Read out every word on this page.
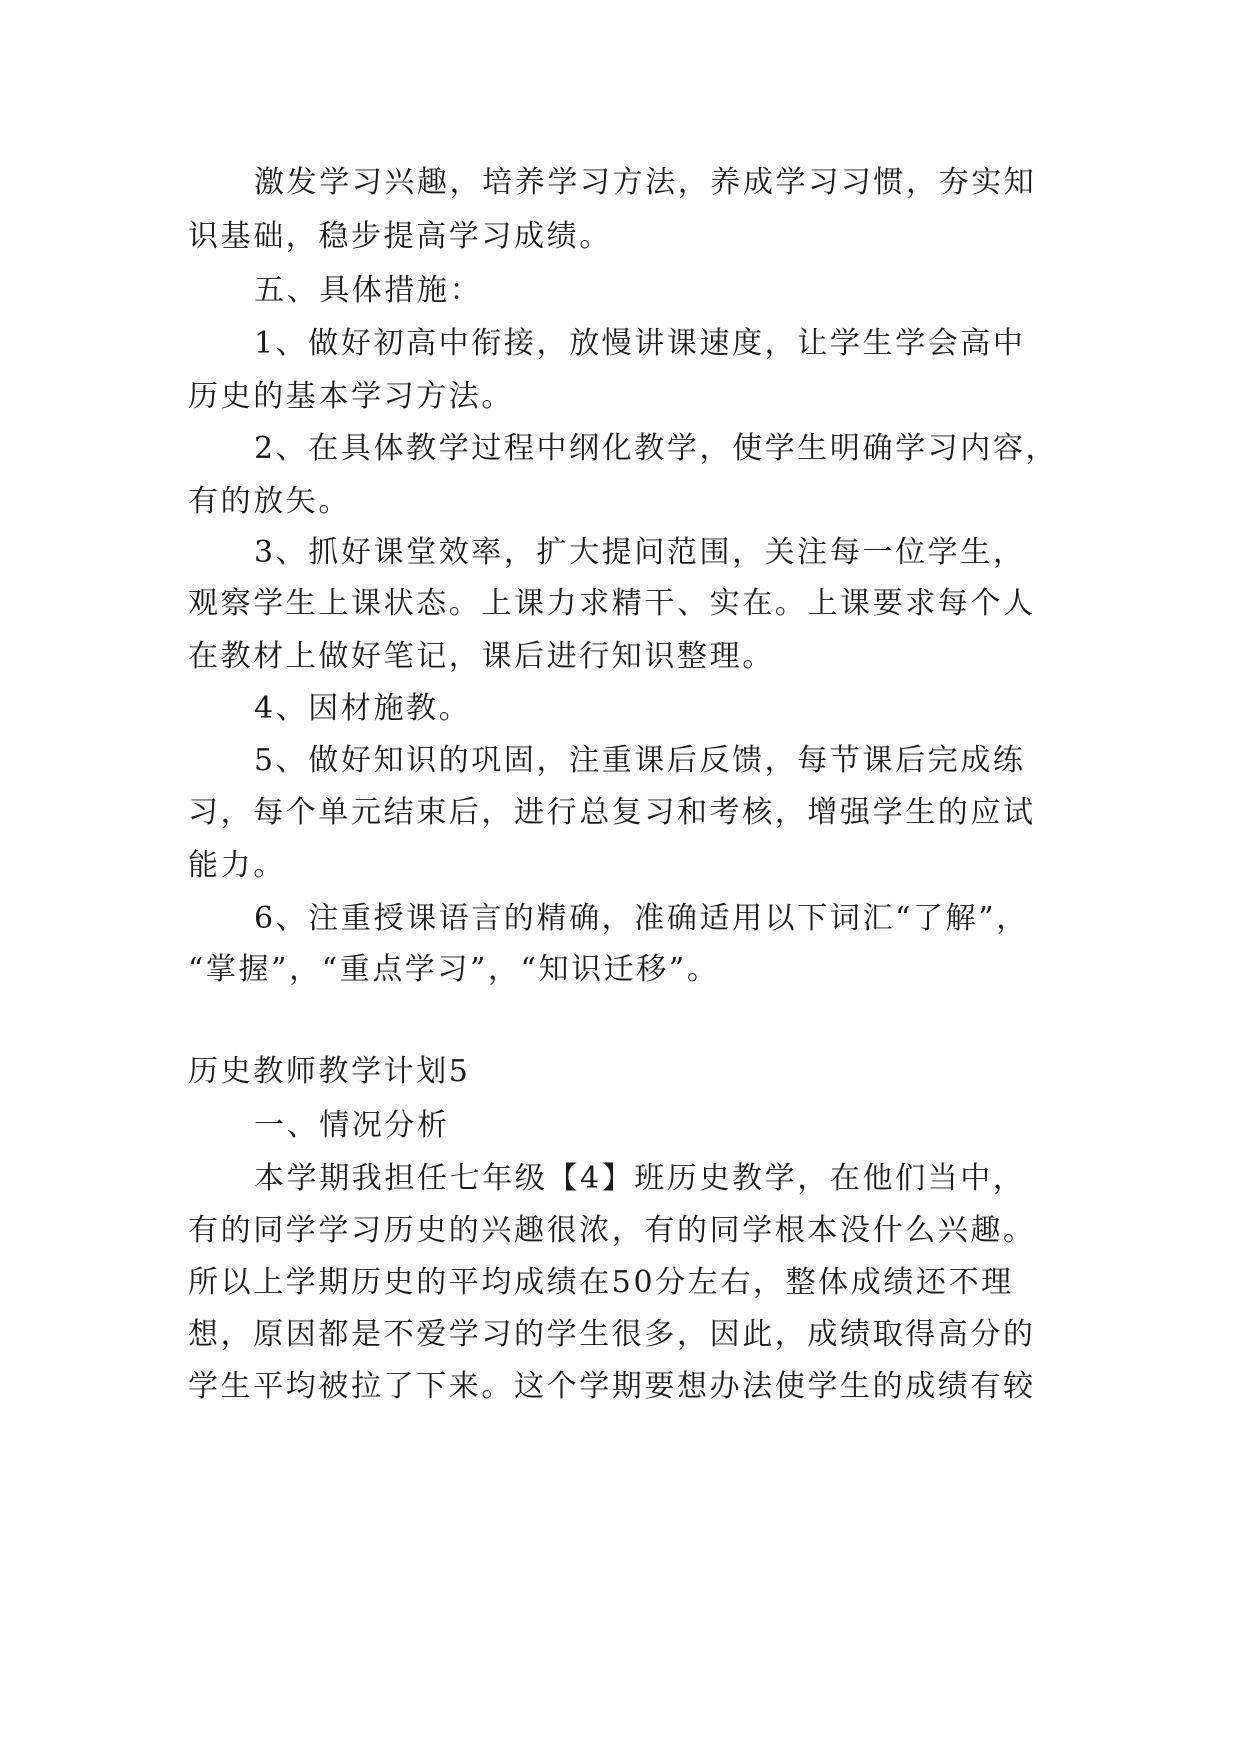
激发学习兴趣，培养学习方法，养成学习习惯，夯实知
识基础，稳步提高学习成绩。
五、具体措施：
1、做好初高中衔接，放慢讲课速度，让学生学会高中
历史的基本学习方法。
2、在具体教学过程中纲化教学，使学生明确学习内容，
有的放矢。
3、抓好课堂效率，扩大提问范围，关注每一位学生，
观察学生上课状态。上课力求精干、实在。上课要求每个人
在教材上做好笔记，课后进行知识整理。
4、因材施教。
5、做好知识的巩固，注重课后反馈，每节课后完成练
习，每个单元结束后，进行总复习和考核，增强学生的应试
能力。
6、注重授课语言的精确，准确适用以下词汇“了解”，
“掌握”，“重点学习”，“知识迁移”。
历史教师教学计划5
一、情况分析
本学期我担任七年级【4】班历史教学，在他们当中，
有的同学学习历史的兴趣很浓，有的同学根本没什么兴趣。
所以上学期历史的平均成绩在50分左右，整体成绩还不理
想，原因都是不爱学习的学生很多，因此，成绩取得高分的
学生平均被拉了下来。这个学期要想办法使学生的成绩有较
